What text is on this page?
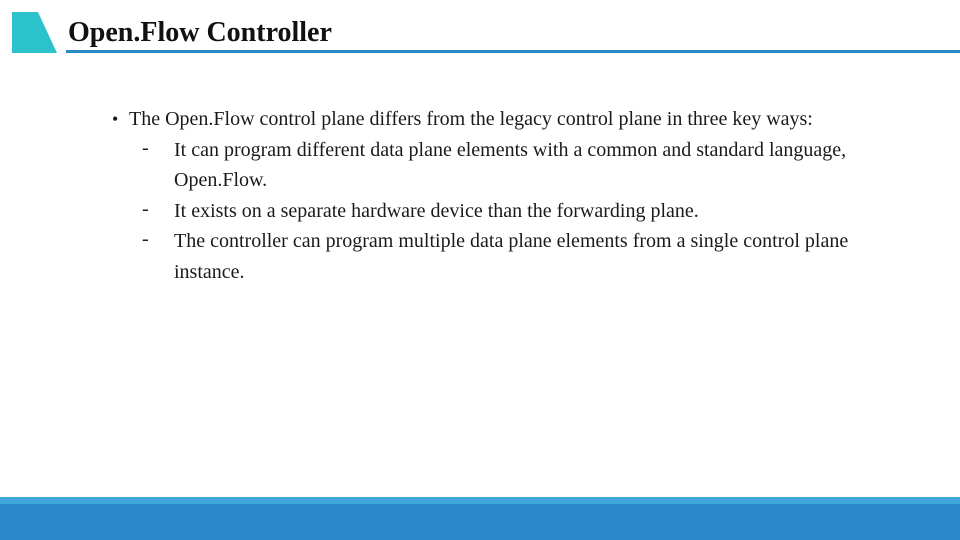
Open.Flow Controller
• The Open.Flow control plane differs from the legacy control plane in three key ways:
- It can program different data plane elements with a common and standard language, Open.Flow.
- It exists on a separate hardware device than the forwarding plane.
- The controller can program multiple data plane elements from a single control plane instance.
